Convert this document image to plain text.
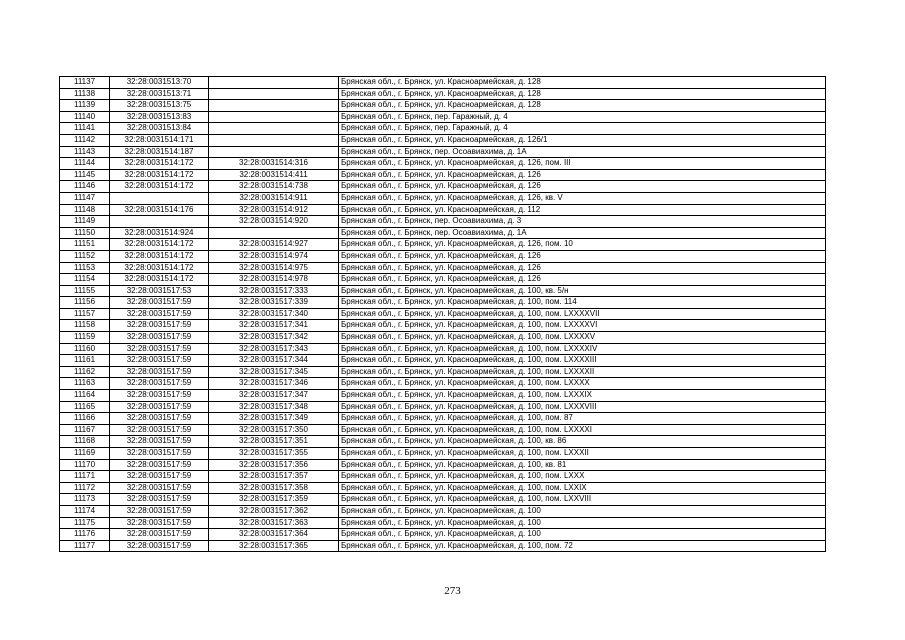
11137	32:28:0031513:70		Брянская обл., г. Брянск, ул. Красноармейская, д. 128
11138	32:28:0031513:71		Брянская обл., г. Брянск, ул. Красноармейская, д. 128
11139	32:28:0031513:75		Брянская обл., г. Брянск, ул. Красноармейская, д. 128
11140	32:28:0031513:83		Брянская обл., г. Брянск, пер. Гаражный, д. 4
11141	32:28:0031513:84		Брянская обл., г. Брянск, пер. Гаражный, д. 4
11142	32:28:0031514:171		Брянская обл., г. Брянск, ул. Красноармейская, д. 126/1
11143	32:28:0031514:187		Брянская обл., г. Брянск, пер. Осоавиахима, д. 1А
11144	32:28:0031514:172	32:28:0031514:316	Брянская обл., г. Брянск, ул. Красноармейская, д. 126, пом. III
11145	32:28:0031514:172	32:28:0031514:411	Брянская обл., г. Брянск, ул. Красноармейская, д. 126
11146	32:28:0031514:172	32:28:0031514:738	Брянская обл., г. Брянск, ул. Красноармейская, д. 126
11147		32:28:0031514:911	Брянская обл., г. Брянск, ул. Красноармейская, д. 126, кв. V
11148	32:28:0031514:176	32:28:0031514:912	Брянская обл., г. Брянск, ул. Красноармейская, д. 112
11149		32:28:0031514:920	Брянская обл., г. Брянск, пер. Осоавиахима, д. 3
11150	32:28:0031514:924		Брянская обл., г. Брянск, пер. Осоавиахима, д. 1А
11151	32:28:0031514:172	32:28:0031514:927	Брянская обл., г. Брянск, ул. Красноармейская, д. 126, пом. 10
11152	32:28:0031514:172	32:28:0031514:974	Брянская обл., г. Брянск, ул. Красноармейская, д. 126
11153	32:28:0031514:172	32:28:0031514:975	Брянская обл., г. Брянск, ул. Красноармейская, д. 126
11154	32:28:0031514:172	32:28:0031514:978	Брянская обл., г. Брянск, ул. Красноармейская, д. 126
11155	32:28:0031517:53	32:28:0031517:333	Брянская обл., г. Брянск, ул. Красноармейская, д. 100, кв. 5/н
11156	32:28:0031517:59	32:28:0031517:339	Брянская обл., г. Брянск, ул. Красноармейская, д. 100, пом. 114
11157	32:28:0031517:59	32:28:0031517:340	Брянская обл., г. Брянск, ул. Красноармейская, д. 100, пом. LXXXXVII
11158	32:28:0031517:59	32:28:0031517:341	Брянская обл., г. Брянск, ул. Красноармейская, д. 100, пом. LXXXXVI
11159	32:28:0031517:59	32:28:0031517:342	Брянская обл., г. Брянск, ул. Красноармейская, д. 100, пом. LXXXXV
11160	32:28:0031517:59	32:28:0031517:343	Брянская обл., г. Брянск, ул. Красноармейская, д. 100, пом. LXXXXIV
11161	32:28:0031517:59	32:28:0031517:344	Брянская обл., г. Брянск, ул. Красноармейская, д. 100, пом. LXXXXIII
11162	32:28:0031517:59	32:28:0031517:345	Брянская обл., г. Брянск, ул. Красноармейская, д. 100, пом. LXXXXII
11163	32:28:0031517:59	32:28:0031517:346	Брянская обл., г. Брянск, ул. Красноармейская, д. 100, пом. LXXXX
11164	32:28:0031517:59	32:28:0031517:347	Брянская обл., г. Брянск, ул. Красноармейская, д. 100, пом. LXXXIX
11165	32:28:0031517:59	32:28:0031517:348	Брянская обл., г. Брянск, ул. Красноармейская, д. 100, пом. LXXXVIII
11166	32:28:0031517:59	32:28:0031517:349	Брянская обл., г. Брянск, ул. Красноармейская, д. 100, пом. 87
11167	32:28:0031517:59	32:28:0031517:350	Брянская обл., г. Брянск, ул. Красноармейская, д. 100, пом. LXXXXI
11168	32:28:0031517:59	32:28:0031517:351	Брянская обл., г. Брянск, ул. Красноармейская, д. 100, кв. 86
11169	32:28:0031517:59	32:28:0031517:355	Брянская обл., г. Брянск, ул. Красноармейская, д. 100, пом. LXXXII
11170	32:28:0031517:59	32:28:0031517:356	Брянская обл., г. Брянск, ул. Красноармейская, д. 100, кв. 81
11171	32:28:0031517:59	32:28:0031517:357	Брянская обл., г. Брянск, ул. Красноармейская, д. 100, пом. LXXX
11172	32:28:0031517:59	32:28:0031517:358	Брянская обл., г. Брянск, ул. Красноармейская, д. 100, пом. LXXIX
11173	32:28:0031517:59	32:28:0031517:359	Брянская обл., г. Брянск, ул. Красноармейская, д. 100, пом. LXXVIII
11174	32:28:0031517:59	32:28:0031517:362	Брянская обл., г. Брянск, ул. Красноармейская, д. 100
11175	32:28:0031517:59	32:28:0031517:363	Брянская обл., г. Брянск, ул. Красноармейская, д. 100
11176	32:28:0031517:59	32:28:0031517:364	Брянская обл., г. Брянск, ул. Красноармейская, д. 100
11177	32:28:0031517:59	32:28:0031517:365	Брянская обл., г. Брянск, ул. Красноармейская, д. 100, пом. 72
273
